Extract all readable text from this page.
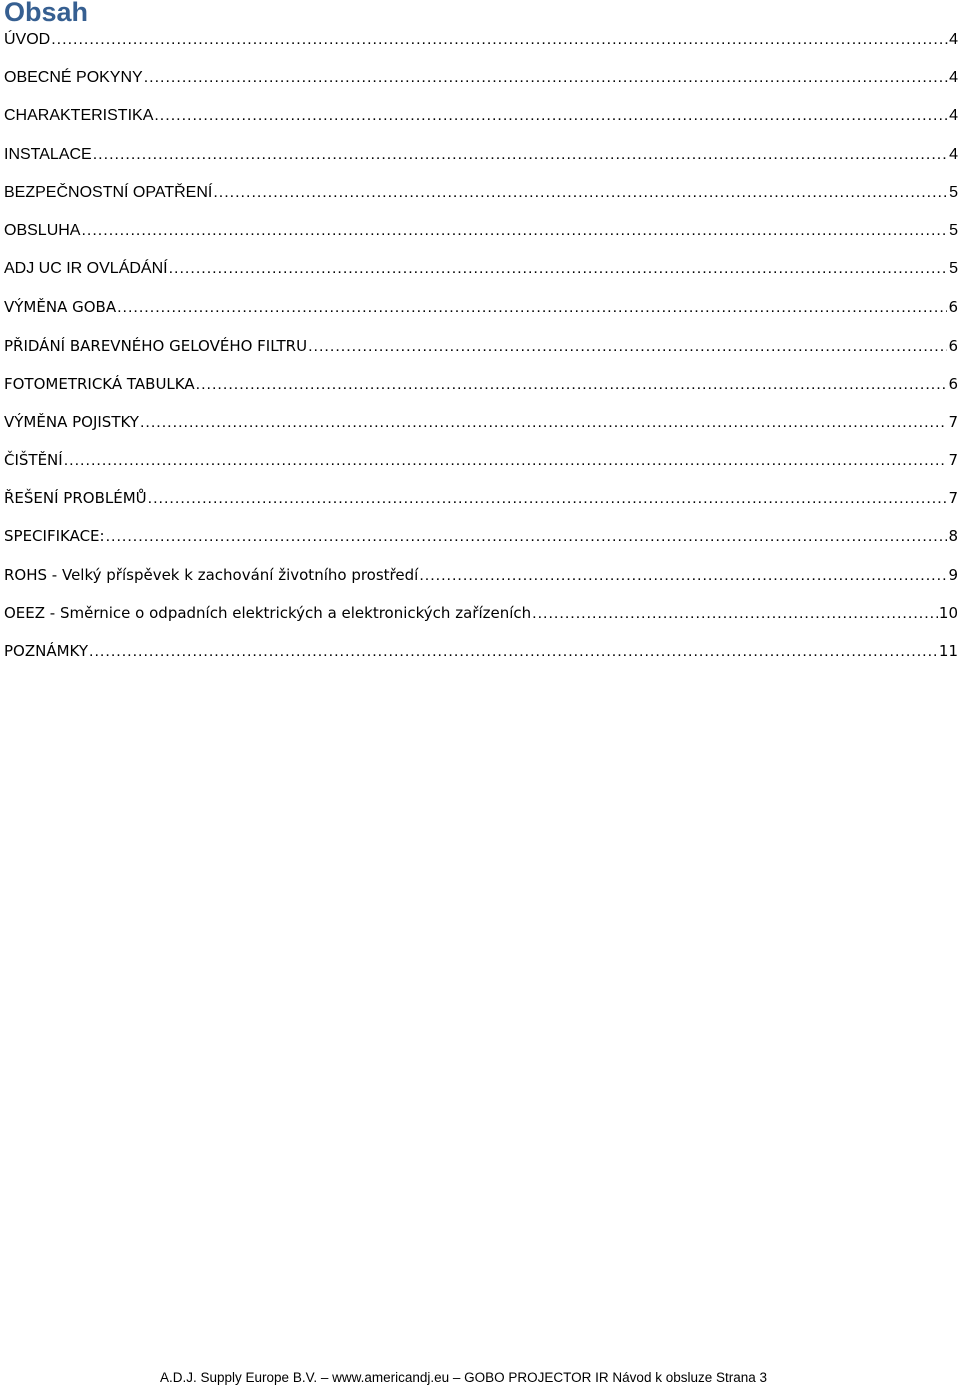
Obsah
ÚVOD .....	4
OBECNÉ POKYNY .....	4
CHARAKTERISTIKA .....	4
INSTALACE .....	4
BEZPEČNOSTNÍ OPATŘENÍ .....	5
OBSLUHA .....	5
ADJ UC IR OVLÁDÁNÍ .....	5
VÝMĚNA GOBA .....	6
PŘIDÁNÍ BAREVNÉHO GELOVÉHO FILTRU .....	6
FOTOMETRICKÁ TABULKA .....	6
VÝMĚNA POJISTKY .....	7
ČIŠTĚNÍ .....	7
ŘEŠENÍ PROBLÉMŮ .....	7
SPECIFIKACE: .....	8
ROHS - Velký příspěvek k zachování životního prostředí .....	9
OEEZ - Směrnice o odpadních elektrických a elektronických zařízeních .....	10
POZNÁMKY .....	11
A.D.J. Supply Europe B.V. – www.americandj.eu – GOBO PROJECTOR IR Návod k obsluze Strana 3
